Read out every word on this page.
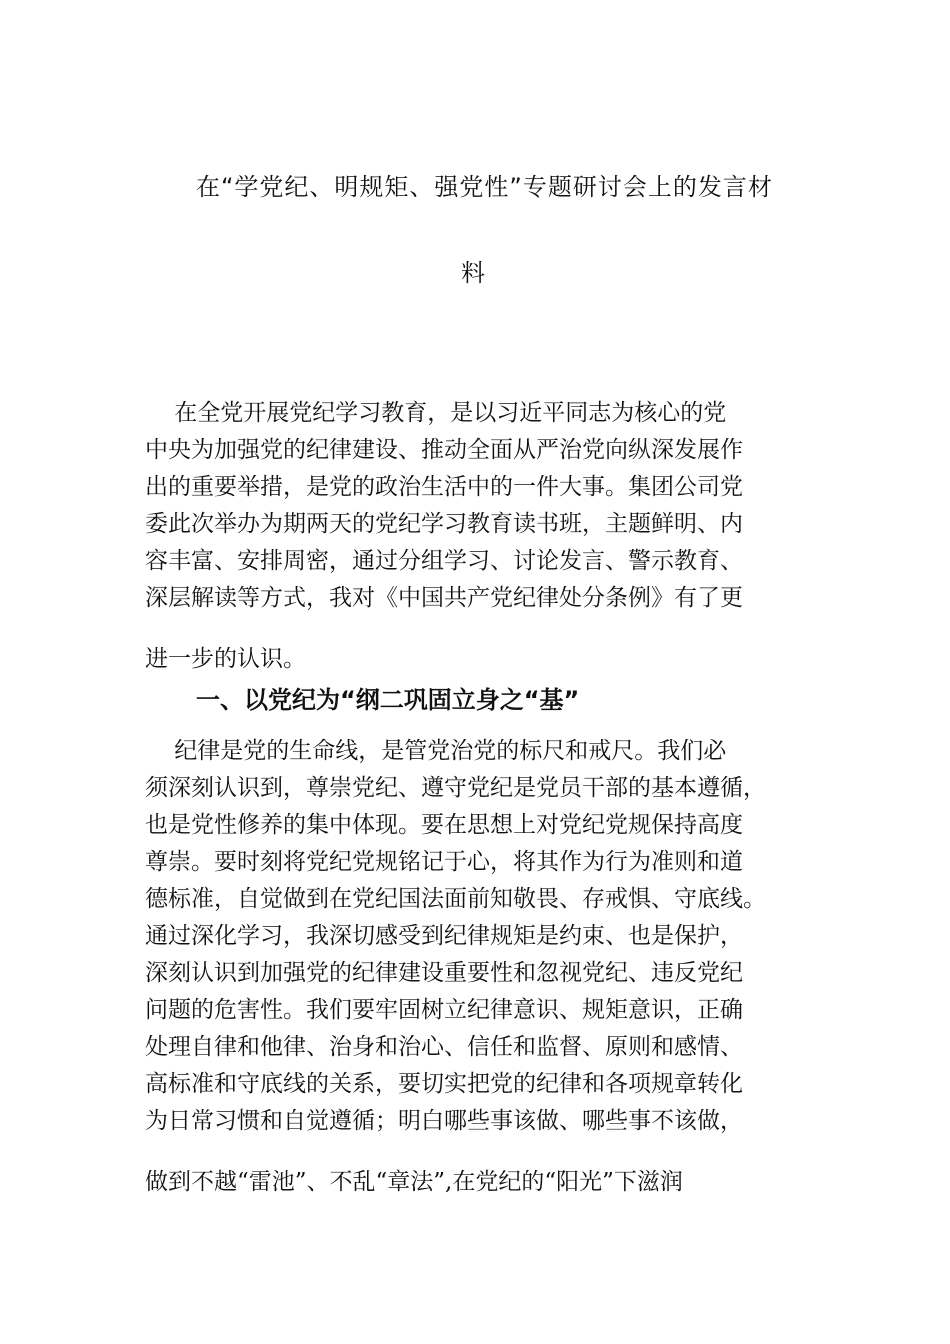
在“学党纪、明规矩、强党性”专题研讨会上的发言材
料
在全党开展党纪学习教育，是以习近平同志为核心的党
中央为加强党的纪律建设、推动全面从严治党向纵深发展作
出的重要举措，是党的政治生活中的一件大事。集团公司党
委此次举办为期两天的党纪学习教育读书班，主题鲜明、内
容丰富、安排周密，通过分组学习、讨论发言、警示教育、
深层解读等方式，我对《中国共产党纪律处分条例》有了更
进一步的认识。
一、以党纪为“纲二巩固立身之“基”
纪律是党的生命线，是管党治党的标尺和戒尺。我们必
须深刻认识到，尊崇党纪、遵守党纪是党员干部的基本遵循，
也是党性修养的集中体现。要在思想上对党纪党规保持高度
尊崇。要时刻将党纪党规铭记于心，将其作为行为准则和道
德标准，自觉做到在党纪国法面前知敬畏、存戒惧、守底线。
通过深化学习，我深切感受到纪律规矩是约束、也是保护，
深刻认识到加强党的纪律建设重要性和忽视党纪、违反党纪
问题的危害性。我们要牢固树立纪律意识、规矩意识，正确
处理自律和他律、治身和治心、信任和监督、原则和感情、
高标准和守底线的关系，要切实把党的纪律和各项规章转化
为日常习惯和自觉遵循；明白哪些事该做、哪些事不该做，
做到不越“雷池”、不乱“章法”,在党纪的“阳光”下滋润
